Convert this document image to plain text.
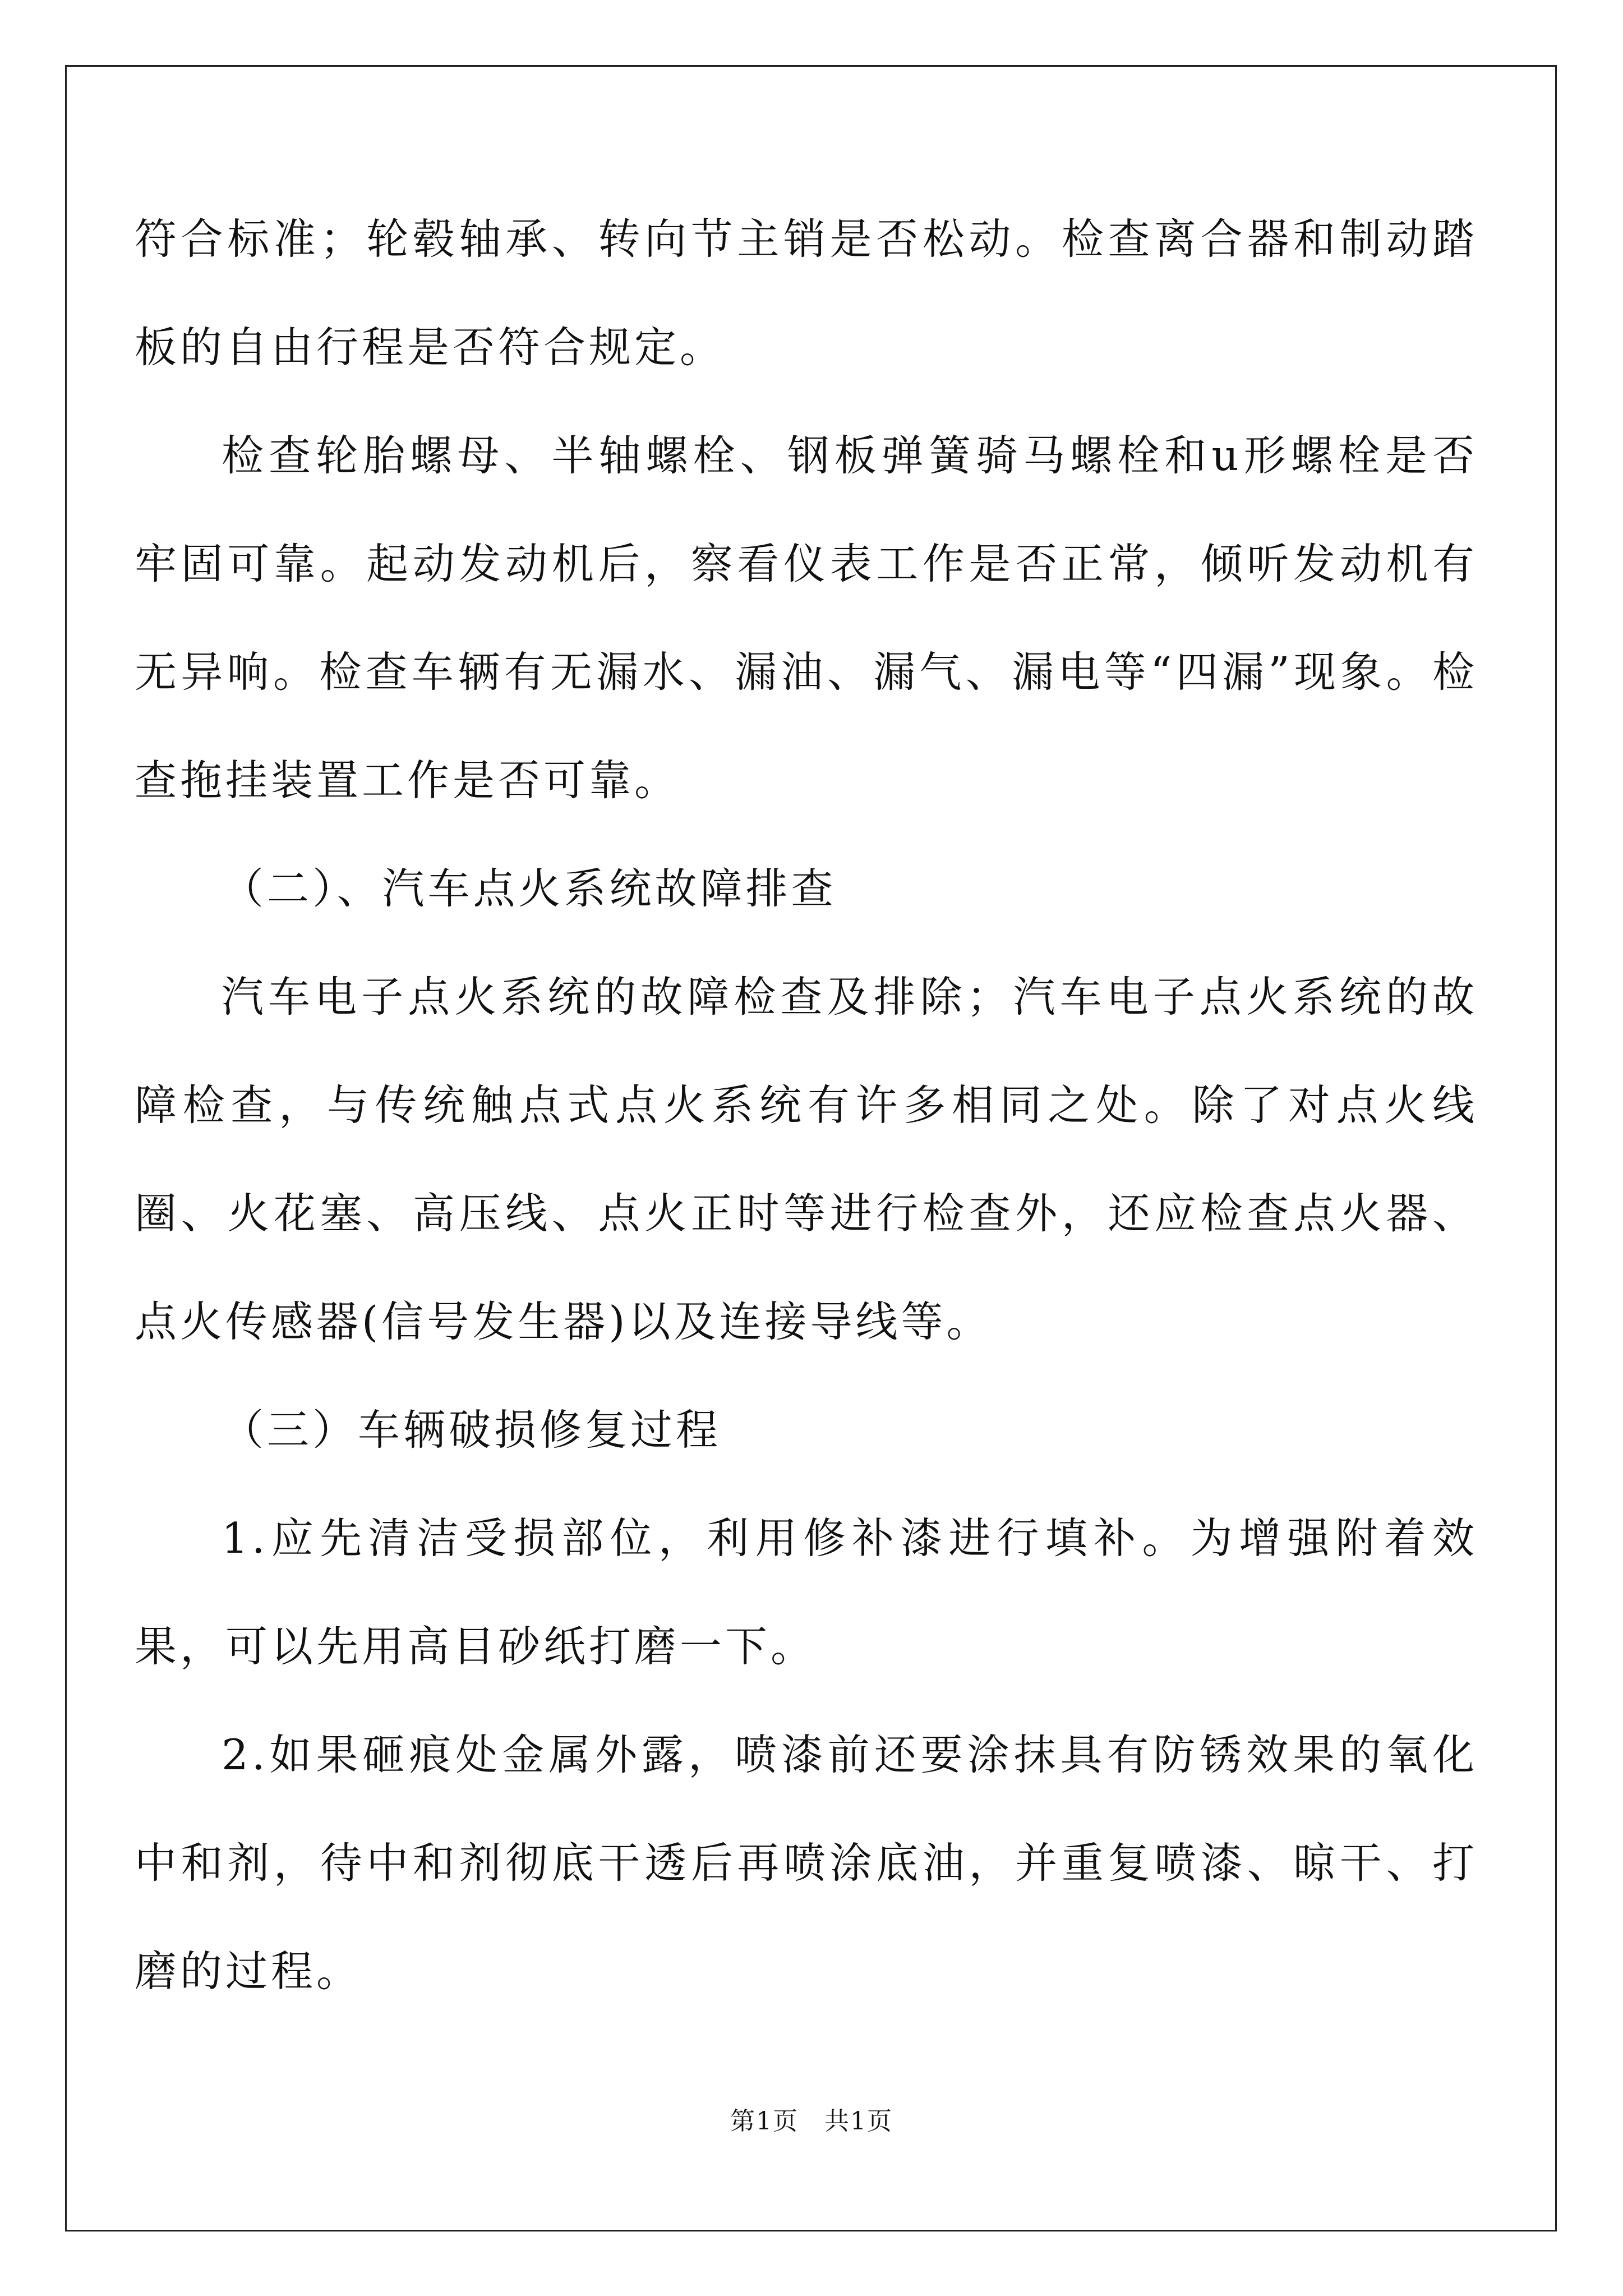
符合标准；轮毂轴承、转向节主销是否松动。检查离合器和制动踏板的自由行程是否符合规定。

检查轮胎螺母、半轴螺栓、钢板弹簧骑马螺栓和u形螺栓是否牢固可靠。起动发动机后，察看仪表工作是否正常，倾听发动机有无异响。检查车辆有无漏水、漏油、漏气、漏电等“四漏”现象。检查拖挂装置工作是否可靠。

（二）、汽车点火系统故障排查

汽车电子点火系统的故障检查及排除；汽车电子点火系统的故障检查，与传统触点式点火系统有许多相同之处。除了对点火线圈、火花塞、高压线、点火正时等进行检查外，还应检查点火器、点火传感器(信号发生器)以及连接导线等。

（三）车辆破损修复过程

1.应先清洁受损部位，利用修补漆进行填补。为增强附着效果，可以先用高目砂纸打磨一下。

2.如果砸痕处金属外露，喷漆前还要涂抹具有防锈效果的氧化中和剂，待中和剂彻底干透后再喷涂底油，并重复喷漆、晾干、打磨的过程。

第1页　共1页
